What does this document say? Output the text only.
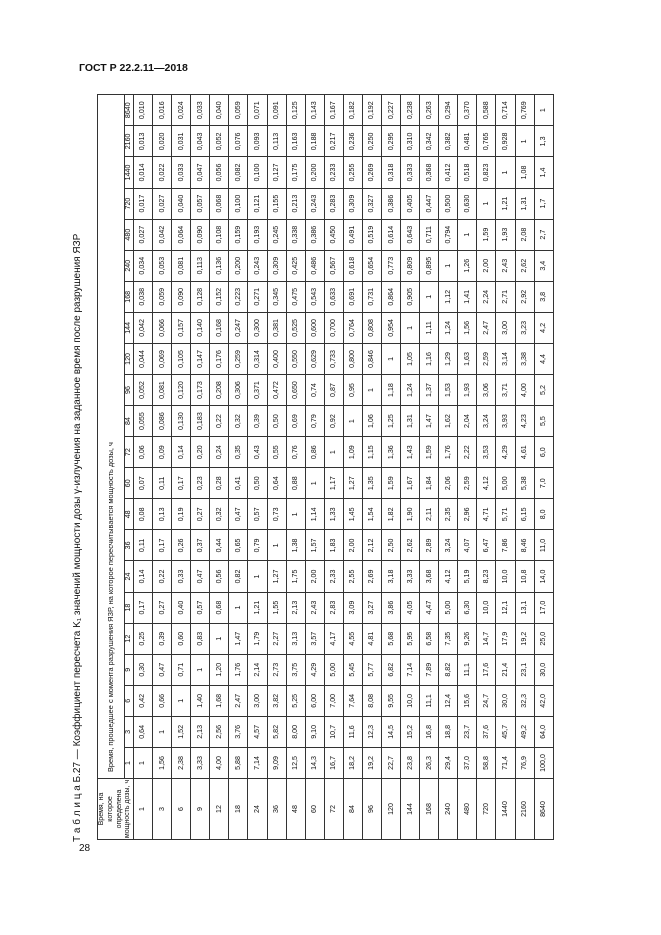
ГОСТ Р 22.2.11—2018
28
Т а б л и ц а Б.27 — Коэффициент пересчета K₁ значений мощности дозы γ-излучения на заданное время после разрушения ЯЗР Время, на которое определена мощность дозы, ч	Время, прошедшее с момента разрушения ЯЗР, на которое пересчитывается мощность дозы, ч																					
	1	3	6	9	12	18	24	36	48	60	72	84	96	120	144	168	240	480	720	1440	2160	8640
1	1	0,64	0,42	0,30	0,25	0,17	0,14	0,11	0,08	0,07	0,06	0,055	0,052	0,044	0,042	0,038	0,034	0,027	0,017	0,014	0,013	0,010
3	1,56	1	0,66	0,47	0,39	0,27	0,22	0,17	0,13	0,11	0,09	0,086	0,081	0,069	0,066	0,059	0,053	0,042	0,027	0,022	0,020	0,016
6	2,38	1,52	1	0,71	0,60	0,40	0,33	0,26	0,19	0,17	0,14	0,130	0,120	0,105	0,157	0,090	0,081	0,064	0,040	0,033	0,031	0,024
9	3,33	2,13	1,40	1	0,83	0,57	0,47	0,37	0,27	0,23	0,20	0,183	0,173	0,147	0,140	0,128	0,113	0,090	0,057	0,047	0,043	0,033
12	4,00	2,56	1,68	1,20	1	0,68	0,56	0,44	0,32	0,28	0,24	0,22	0,208	0,176	0,168	0,152	0,136	0,108	0,068	0,056	0,052	0,040
18	5,88	3,76	2,47	1,76	1,47	1	0,82	0,65	0,47	0,41	0,35	0,32	0,306	0,259	0,247	0,223	0,200	0,159	0,100	0,082	0,076	0,059
24	7,14	4,57	3,00	2,14	1,79	1,21	1	0,79	0,57	0,50	0,43	0,39	0,371	0,314	0,300	0,271	0,243	0,193	0,121	0,100	0,093	0,071
36	9,09	5,82	3,82	2,73	2,27	1,55	1,27	1	0,73	0,64	0,55	0,50	0,472	0,400	0,381	0,345	0,309	0,245	0,155	0,127	0,113	0,091
48	12,5	8,00	5,25	3,75	3,13	2,13	1,75	1,38	1	0,88	0,76	0,69	0,650	0,550	0,525	0,475	0,425	0,338	0,213	0,175	0,163	0,125
60	14,3	9,10	6,00	4,29	3,57	2,43	2,00	1,57	1,14	1	0,86	0,79	0,74	0,629	0,600	0,543	0,486	0,386	0,243	0,200	0,188	0,143
72	16,7	10,7	7,00	5,00	4,17	2,83	2,33	1,83	1,33	1,17	1	0,92	0,87	0,733	0,700	0,633	0,567	0,450	0,283	0,233	0,217	0,167
84	18,2	11,6	7,64	5,45	4,55	3,09	2,55	2,00	1,45	1,27	1,09	1	0,95	0,800	0,764	0,691	0,618	0,491	0,309	0,255	0,236	0,182
96	19,2	12,3	8,08	5,77	4,81	3,27	2,69	2,12	1,54	1,35	1,15	1,06	1	0,846	0,808	0,731	0,654	0,519	0,327	0,269	0,250	0,192
120	22,7	14,5	9,55	6,82	5,68	3,86	3,18	2,50	1,82	1,59	1,36	1,25	1,18	1	0,954	0,864	0,773	0,614	0,386	0,318	0,295	0,227
144	23,8	15,2	10,0	7,14	5,95	4,05	3,33	2,62	1,90	1,67	1,43	1,31	1,24	1,05	1	0,905	0,809	0,643	0,405	0,333	0,310	0,238
168	26,3	16,8	11,1	7,89	6,58	4,47	3,68	2,89	2,11	1,84	1,59	1,47	1,37	1,16	1,11	1	0,895	0,711	0,447	0,368	0,342	0,263
240	29,4	18,8	12,4	8,82	7,35	5,00	4,12	3,24	2,35	2,06	1,76	1,62	1,53	1,29	1,24	1,12	1	0,794	0,500	0,412	0,382	0,294
480	37,0	23,7	15,6	11,1	9,26	6,30	5,19	4,07	2,96	2,59	2,22	2,04	1,93	1,63	1,56	1,41	1,26	1	0,630	0,518	0,481	0,370
720	58,8	37,6	24,7	17,6	14,7	10,0	8,23	6,47	4,71	4,12	3,53	3,24	3,06	2,59	2,47	2,24	2,00	1,59	1	0,823	0,765	0,588
1440	71,4	45,7	30,0	21,4	17,9	12,1	10,0	7,86	5,71	5,00	4,29	3,93	3,71	3,14	3,00	2,71	2,43	1,93	1,21	1	0,928	0,714
2160	76,9	49,2	32,3	23,1	19,2	13,1	10,8	8,46	6,15	5,38	4,61	4,23	4,00	3,38	3,23	2,92	2,62	2,08	1,31	1,08	1	0,769
8640	100,0	64,0	42,0	30,0	25,0	17,0	14,0	11,0	8,0	7,0	6,0	5,5	5,2	4,4	4,2	3,8	3,4	2,7	1,7	1,4	1,3	1
